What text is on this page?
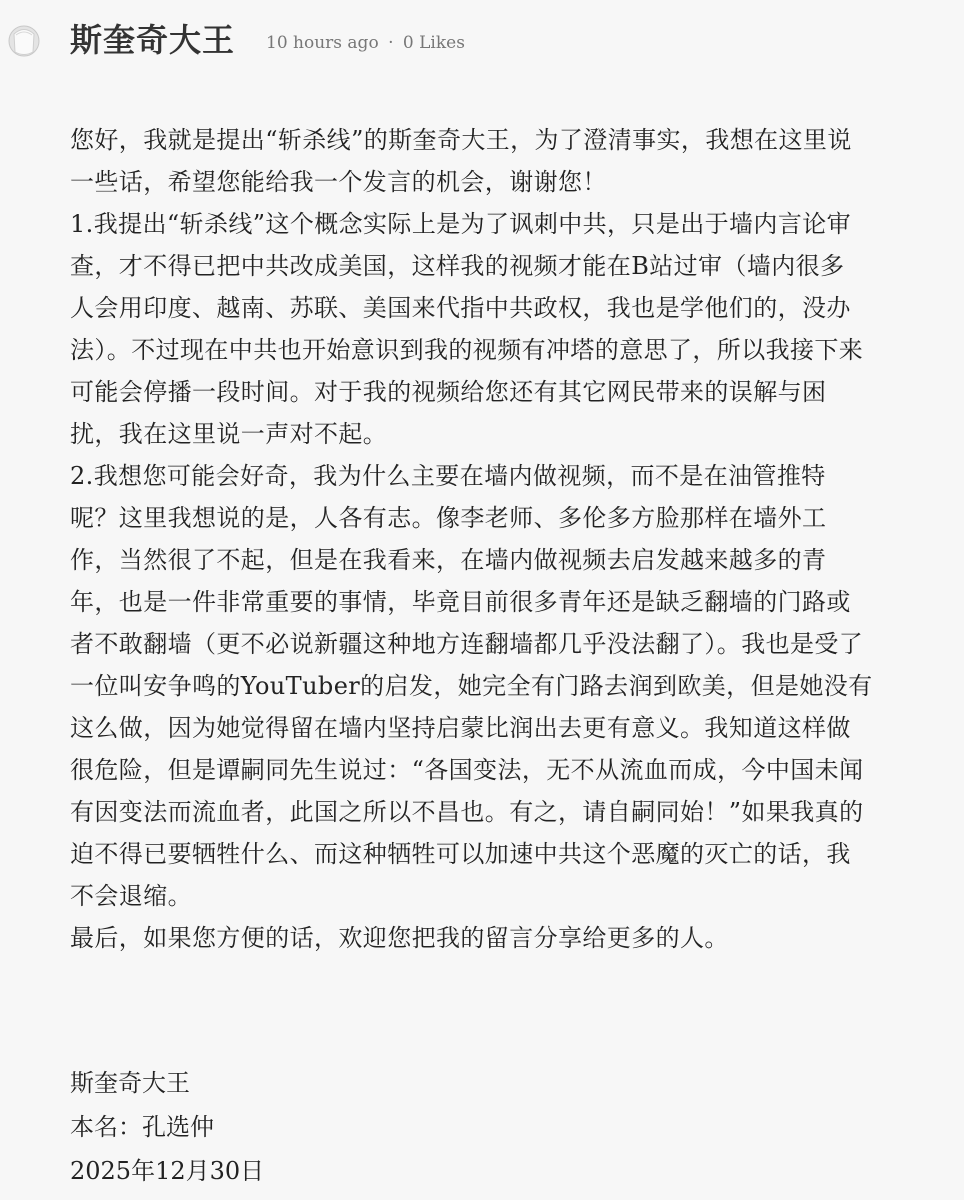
斯奎奇大王 10 hours ago · 0 Likes

您好，我就是提出“斩杀线”的斯奎奇大王，为了澄清事实，我想在这里说

一些话，希望您能给我一个发言的机会，谢谢您！

1.我提出“斩杀线”这个概念实际上是为了讽刺中共，只是出于墙内言论审

查，才不得已把中共改成美国，这样我的视频才能在B站过审（墙内很多

人会用印度、越南、苏联、美国来代指中共政权，我也是学他们的，没办

法）。不过现在中共也开始意识到我的视频有冲塔的意思了，所以我接下来

可能会停播一段时间。对于我的视频给您还有其它网民带来的误解与困

扰，我在这里说一声对不起。

2.我想您可能会好奇，我为什么主要在墙内做视频，而不是在油管推特

呢？这里我想说的是，人各有志。像李老师、多伦多方脸那样在墙外工

作，当然很了不起，但是在我看来，在墙内做视频去启发越来越多的青

年，也是一件非常重要的事情，毕竟目前很多青年还是缺乏翻墙的门路或

者不敢翻墙（更不必说新疆这种地方连翻墙都几乎没法翻了）。我也是受了

一位叫安争鸣的YouTuber的启发，她完全有门路去润到欧美，但是她没有

这么做，因为她觉得留在墙内坚持启蒙比润出去更有意义。我知道这样做

很危险，但是谭嗣同先生说过：“各国变法，无不从流血而成，今中国未闻

有因变法而流血者，此国之所以不昌也。有之，请自嗣同始！”如果我真的

迫不得已要牺牲什么、而这种牺牲可以加速中共这个恶魔的灭亡的话，我

不会退缩。

最后，如果您方便的话，欢迎您把我的留言分享给更多的人。

斯奎奇大王

本名：孔选仲

2025年12月30日
